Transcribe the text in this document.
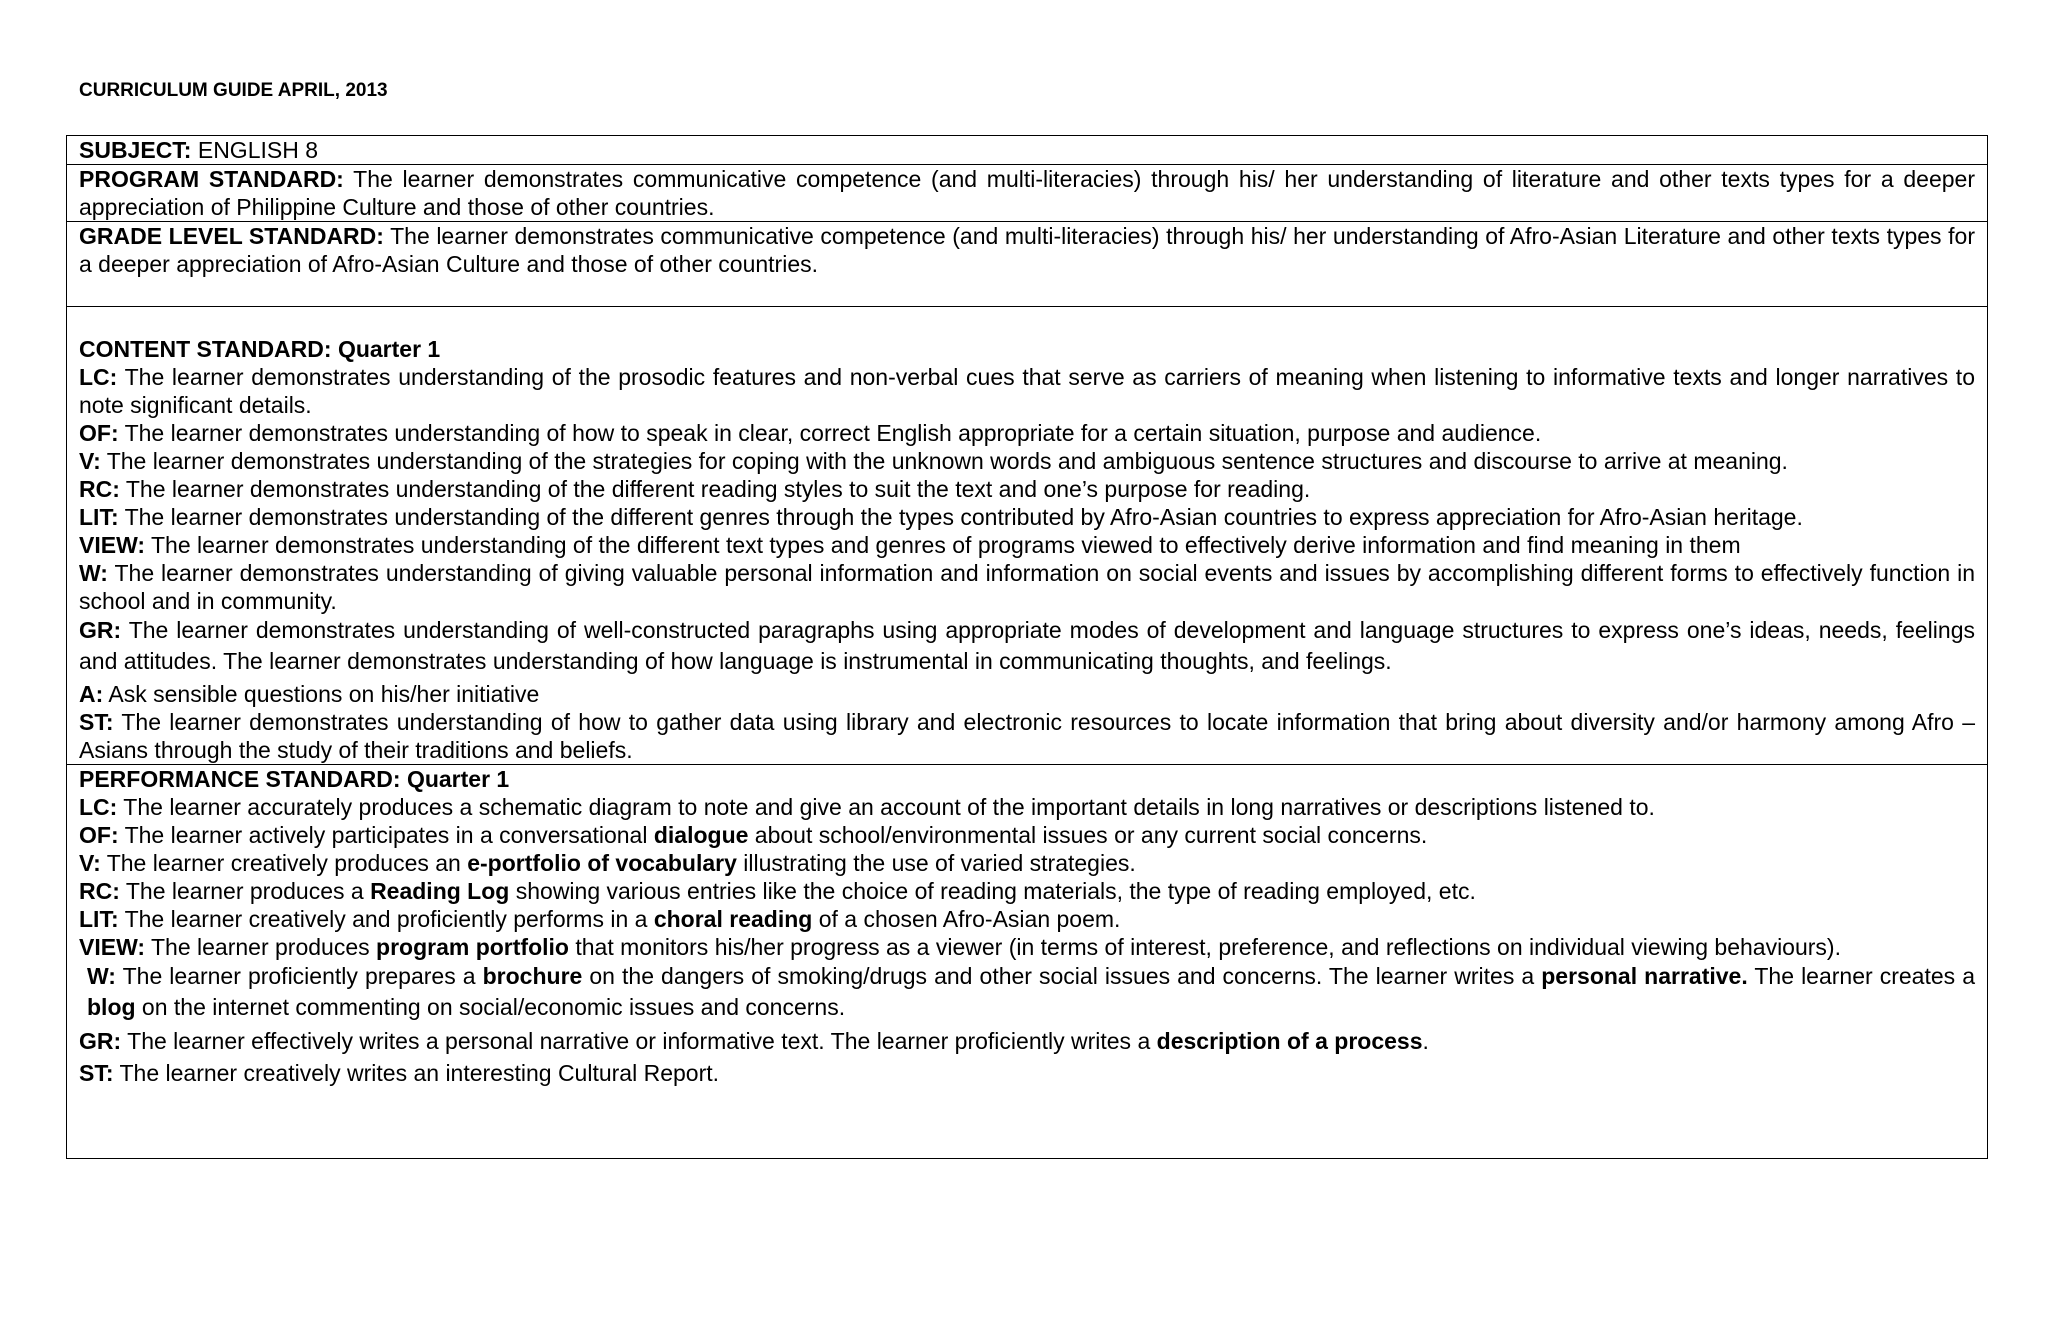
CURRICULUM GUIDE APRIL, 2013
SUBJECT: ENGLISH 8
PROGRAM STANDARD: The learner demonstrates communicative competence (and multi-literacies) through his/ her understanding of literature and other texts types for a deeper appreciation of Philippine Culture and those of other countries.
GRADE LEVEL STANDARD: The learner demonstrates communicative competence (and multi-literacies) through his/ her understanding of Afro-Asian Literature and other texts types for a deeper appreciation of Afro-Asian Culture and those of other countries.

CONTENT STANDARD: Quarter 1
LC: The learner demonstrates understanding of the prosodic features and non-verbal cues that serve as carriers of meaning when listening to informative texts and longer narratives to note significant details.
OF: The learner demonstrates understanding of how to speak in clear, correct English appropriate for a certain situation, purpose and audience.
V: The learner demonstrates understanding of the strategies for coping with the unknown words and ambiguous sentence structures and discourse to arrive at meaning.
RC: The learner demonstrates understanding of the different reading styles to suit the text and one’s purpose for reading.
LIT: The learner demonstrates understanding of the different genres through the types contributed by Afro-Asian countries to express appreciation for Afro-Asian heritage.
VIEW: The learner demonstrates understanding of the different text types and genres of programs viewed to effectively derive information and find meaning in them
W: The learner demonstrates understanding of giving valuable personal information and information on social events and issues by accomplishing different forms to effectively function in school and in community.
GR: The learner demonstrates understanding of well-constructed paragraphs using appropriate modes of development and language structures to express one’s ideas, needs, feelings and attitudes. The learner demonstrates understanding of how language is instrumental in communicating thoughts, and feelings.
A: Ask sensible questions on his/her initiative
ST: The learner demonstrates understanding of how to gather data using library and electronic resources to locate information that bring about diversity and/or harmony among Afro – Asians through the study of their traditions and beliefs.

PERFORMANCE STANDARD: Quarter 1
LC: The learner accurately produces a schematic diagram to note and give an account of the important details in long narratives or descriptions listened to.
OF: The learner actively participates in a conversational dialogue about school/environmental issues or any current social concerns.
V: The learner creatively produces an e-portfolio of vocabulary illustrating the use of varied strategies.
RC: The learner produces a Reading Log showing various entries like the choice of reading materials, the type of reading employed, etc.
LIT: The learner creatively and proficiently performs in a choral reading of a chosen Afro-Asian poem.
VIEW: The learner produces program portfolio that monitors his/her progress as a viewer (in terms of interest, preference, and reflections on individual viewing behaviours).
W: The learner proficiently prepares a brochure on the dangers of smoking/drugs and other social issues and concerns. The learner writes a personal narrative. The learner creates a blog on the internet commenting on social/economic issues and concerns.
GR: The learner effectively writes a personal narrative or informative text. The learner proficiently writes a description of a process.
ST: The learner creatively writes an interesting Cultural Report.
